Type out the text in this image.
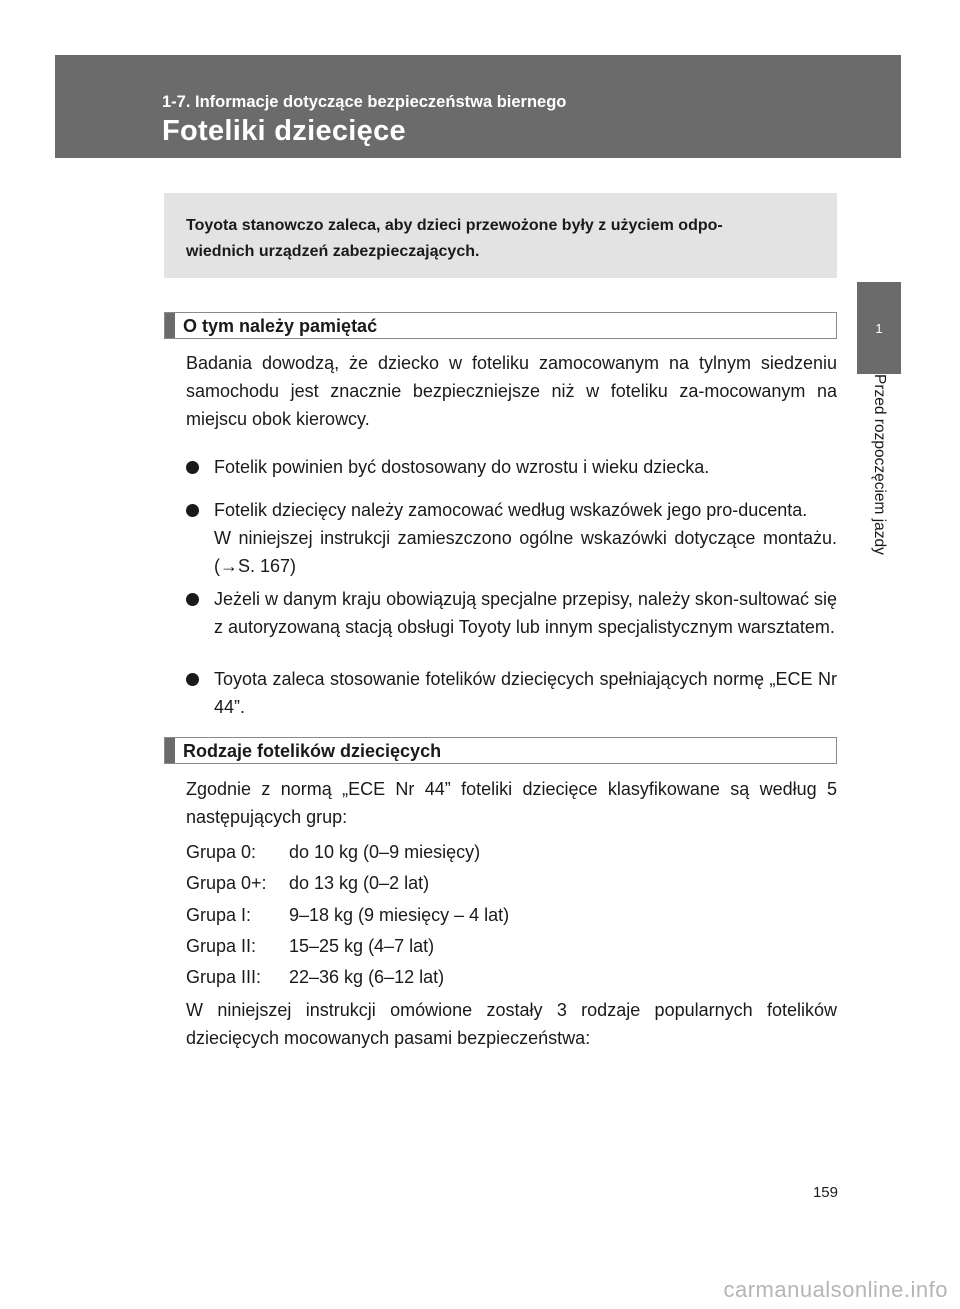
1-7. Informacje dotyczące bezpieczeństwa biernego
Foteliki dziecięce
1
Przed rozpoczęciem jazdy
Toyota stanowczo zaleca, aby dzieci przewożone były z użyciem odpo-
wiednich urządzeń zabezpieczających.
O tym należy pamiętać
Badania dowodzą, że dziecko w foteliku zamocowanym na tylnym siedzeniu samochodu jest znacznie bezpieczniejsze niż w foteliku za-mocowanym na miejscu obok kierowcy.
Fotelik powinien być dostosowany do wzrostu i wieku dziecka.
Fotelik dziecięcy należy zamocować według wskazówek jego pro-ducenta.
W niniejszej instrukcji zamieszczono ogólne wskazówki dotyczące montażu. (→S. 167)
Jeżeli w danym kraju obowiązują specjalne przepisy, należy skon-sultować się z autoryzowaną stacją obsługi Toyoty lub innym specjalistycznym warsztatem.
Toyota zaleca stosowanie fotelików dziecięcych spełniających normę „ECE Nr 44”.
Rodzaje fotelików dziecięcych
Zgodnie z normą „ECE Nr 44” foteliki dziecięce klasyfikowane są według 5 następujących grup:
Grupa 0: do 10 kg (0–9 miesięcy)
Grupa 0+: do 13 kg (0–2 lat)
Grupa I: 9–18 kg (9 miesięcy – 4 lat)
Grupa II: 15–25 kg (4–7 lat)
Grupa III: 22–36 kg (6–12 lat)
W niniejszej instrukcji omówione zostały 3 rodzaje popularnych fotelików dziecięcych mocowanych pasami bezpieczeństwa:
159
carmanualsonline.info
